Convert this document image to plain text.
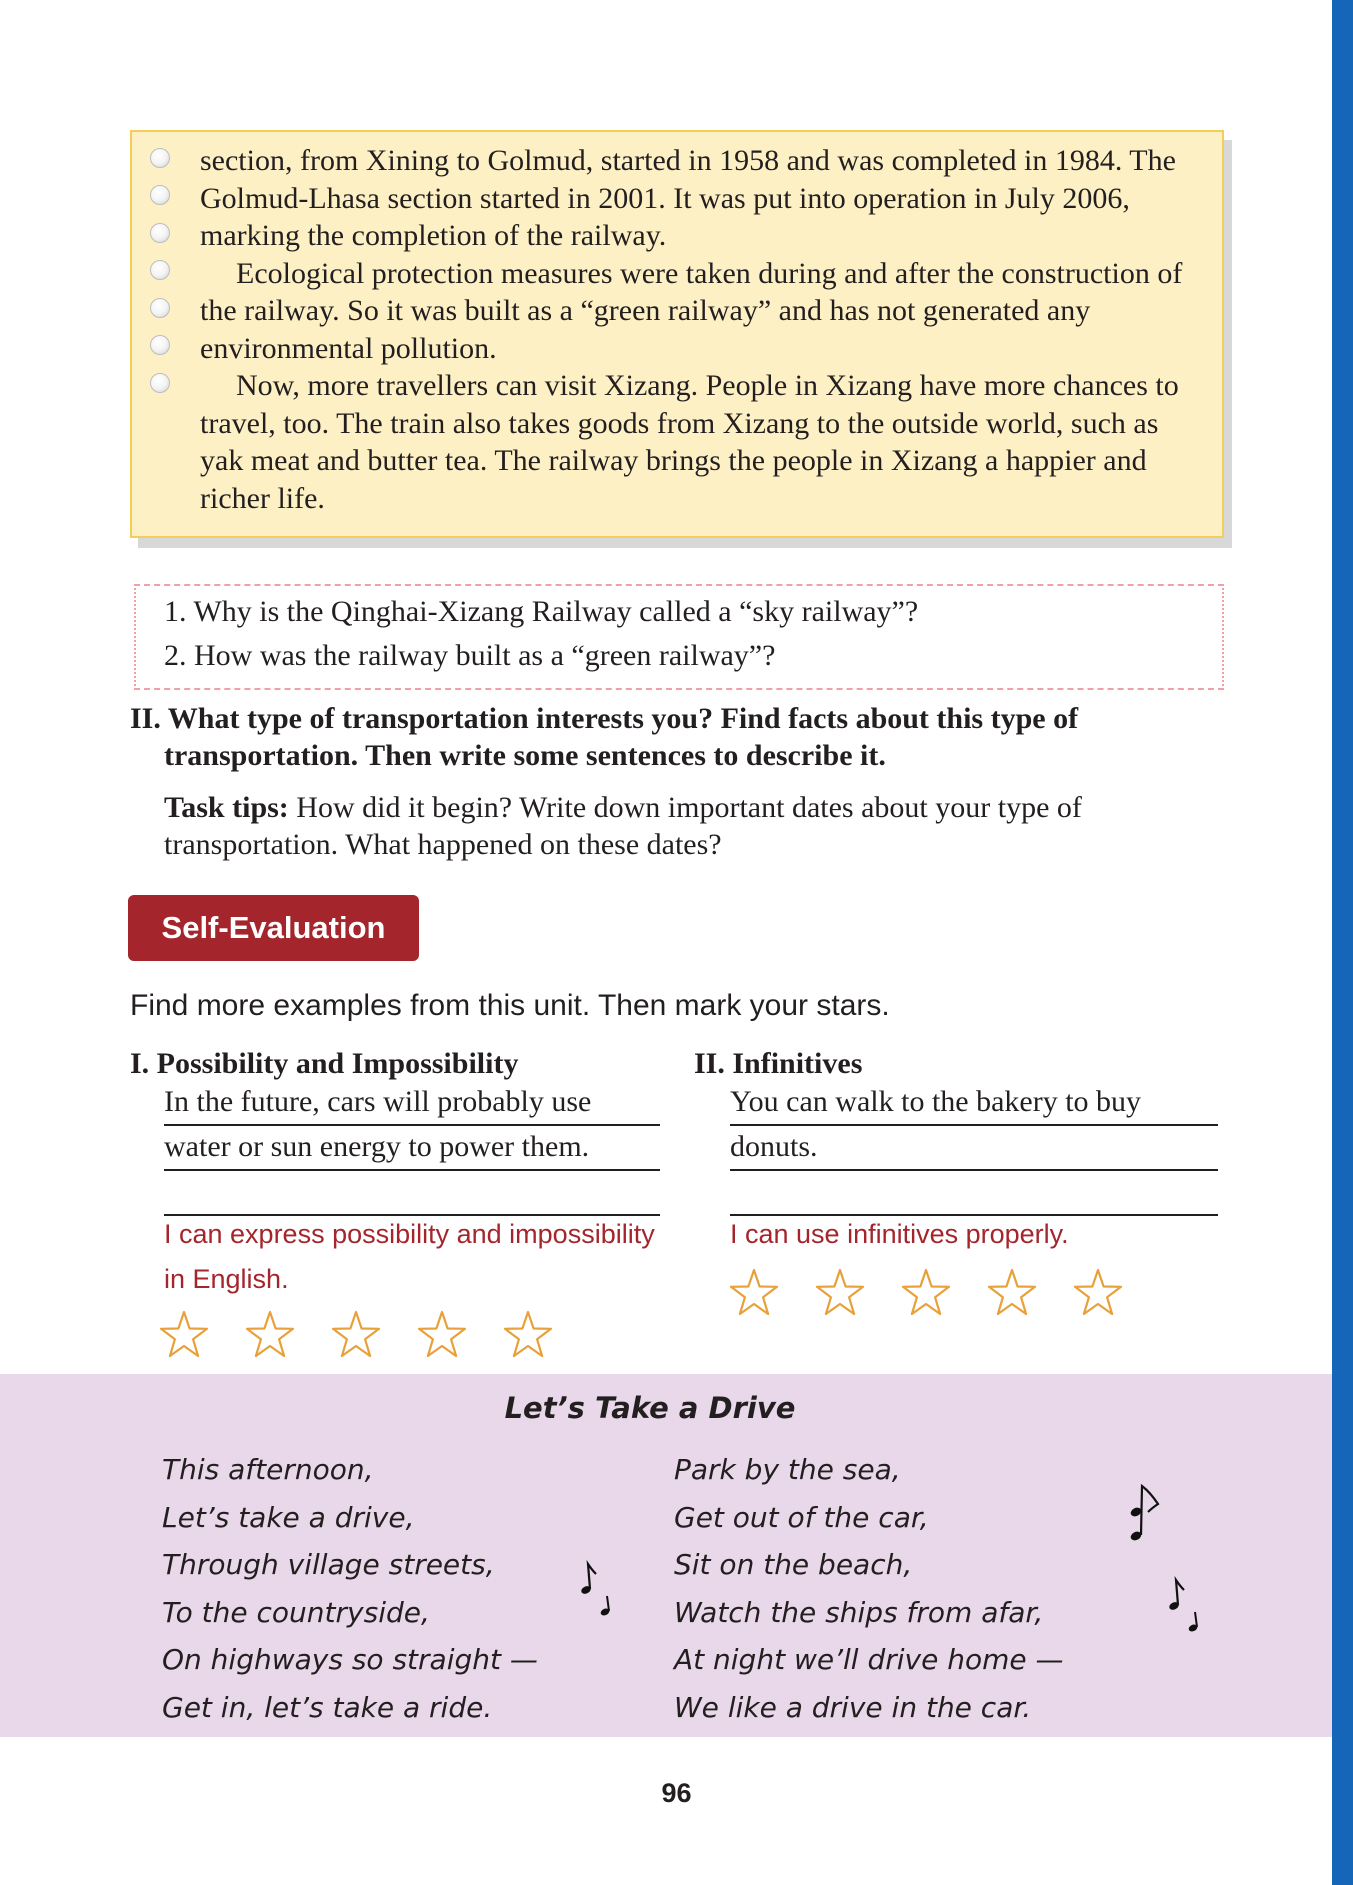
section, from Xining to Golmud, started in 1958 and was completed in 1984. The Golmud-Lhasa section started in 2001. It was put into operation in July 2006, marking the completion of the railway.

Ecological protection measures were taken during and after the construction of the railway. So it was built as a “green railway” and has not generated any environmental pollution.

Now, more travellers can visit Xizang. People in Xizang have more chances to travel, too. The train also takes goods from Xizang to the outside world, such as yak meat and butter tea. The railway brings the people in Xizang a happier and richer life.

1. Why is the Qinghai-Xizang Railway called a “sky railway”?
2. How was the railway built as a “green railway”?
II. What type of transportation interests you? Find facts about this type of transportation. Then write some sentences to describe it.
Task tips: How did it begin? Write down important dates about your type of transportation. What happened on these dates?
Self-Evaluation
Find more examples from this unit. Then mark your stars.
I. Possibility and Impossibility
In the future, cars will probably use
water or sun energy to power them.
I can express possibility and impossibility
in English.
II. Infinitives
You can walk to the bakery to buy
donuts.
I can use infinitives properly.
Let’s Take a Drive
This afternoon,
Let’s take a drive,
Through village streets,
To the countryside,
On highways so straight —
Get in, let’s take a ride.
Park by the sea,
Get out of the car,
Sit on the beach,
Watch the ships from afar,
At night we’ll drive home —
We like a drive in the car.
96
